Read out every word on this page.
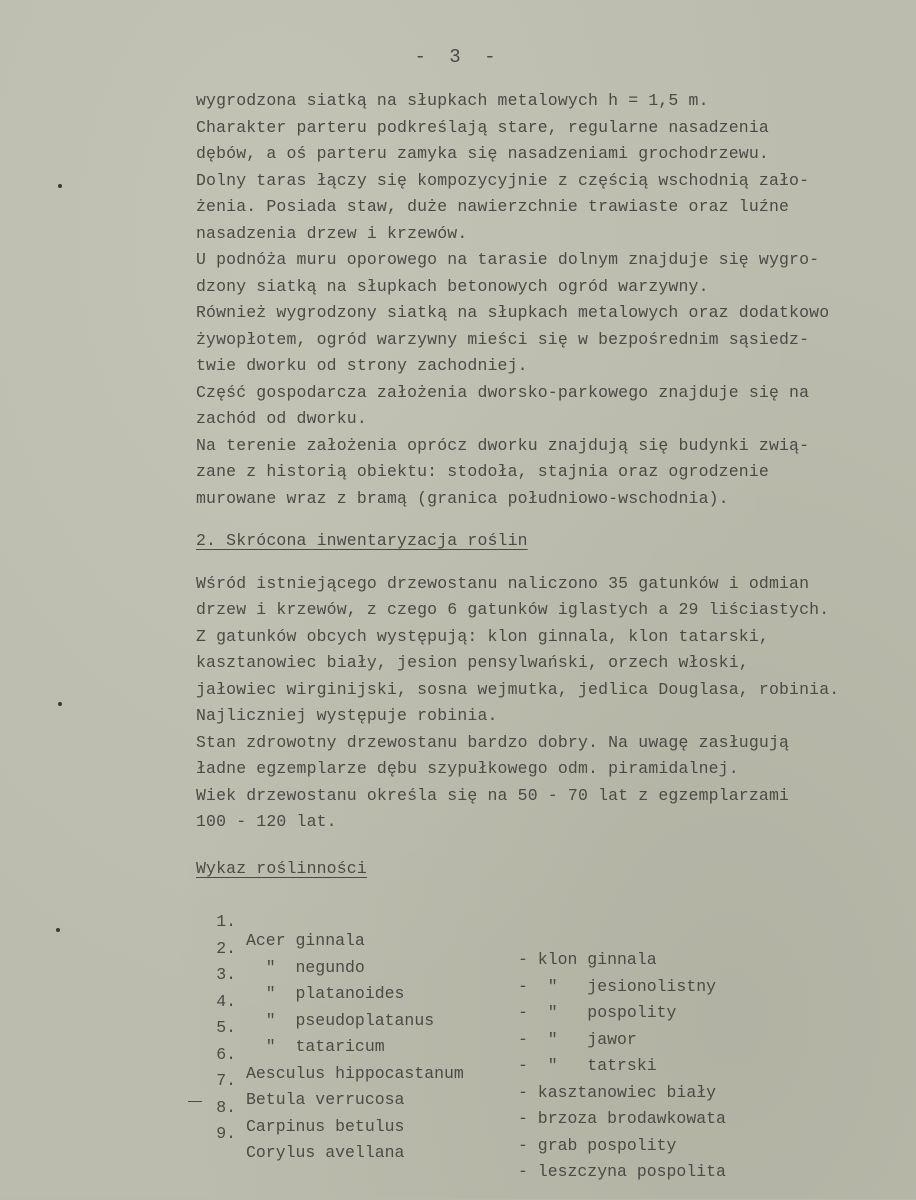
- 3 -
wygrodzona siatką na słupkach metalowych h = 1,5 m.
Charakter parteru podkreślają stare, regularne nasadzenia
dębów, a oś parteru zamyka się nasadzeniami grochodrzewu.
Dolny taras łączy się kompozycyjnie z częścią wschodnią zało-
żenia. Posiada staw, duże nawierzchnie trawiaste oraz luźne
nasadzenia drzew i krzewów.
U podnóża muru oporowego na tarasie dolnym znajduje się wygro-
dzony siatką na słupkach betonowych ogród warzywny.
Również wygrodzony siatką na słupkach metalowych oraz dodatkowo
żywopłotem, ogród warzywny mieści się w bezpośrednim sąsiedz-
twie dworku od strony zachodniej.
Część gospodarcza założenia dworsko-parkowego znajduje się na
zachód od dworku.
Na terenie założenia oprócz dworku znajdują się budynki zwią-
zane z historią obiektu: stodoła, stajnia oraz ogrodzenie
murowane wraz z bramą (granica południowo-wschodnia).
2. Skrócona inwentaryzacja roślin
Wśród istniejącego drzewostanu naliczono 35 gatunków i odmian
drzew i krzewów, z czego 6 gatunków iglastych a 29 liściastych.
Z gatunków obcych występują: klon ginnala, klon tatarski,
kasztanowiec biały, jesion pensylwański, orzech włoski,
jałowiec wirginijski, sosna wejmutka, jedlica Douglasa, robinia.
Najliczniej występuje robinia.
Stan zdrowotny drzewostanu bardzo dobry. Na uwagę zasługują
ładne egzemplarze dębu szypułkowego odm. piramidalnej.
Wiek drzewostanu określa się na 50 - 70 lat z egzemplarzami
100 - 120 lat.
Wykaz roślinności

1.

Acer ginnala

- klon ginnala

2.

"  negundo

-  "   jesionolistny

3.

"  platanoides

-  "   pospolity

4.

"  pseudoplatanus

-  "   jawor

5.

"  tataricum

-  "   tatrski

6.

Aesculus hippocastanum

- kasztanowiec biały

7.

Betula verrucosa

- brzoza brodawkowata

8.

Carpinus betulus

- grab pospolity

9.

Corylus avellana

- leszczyna pospolita
